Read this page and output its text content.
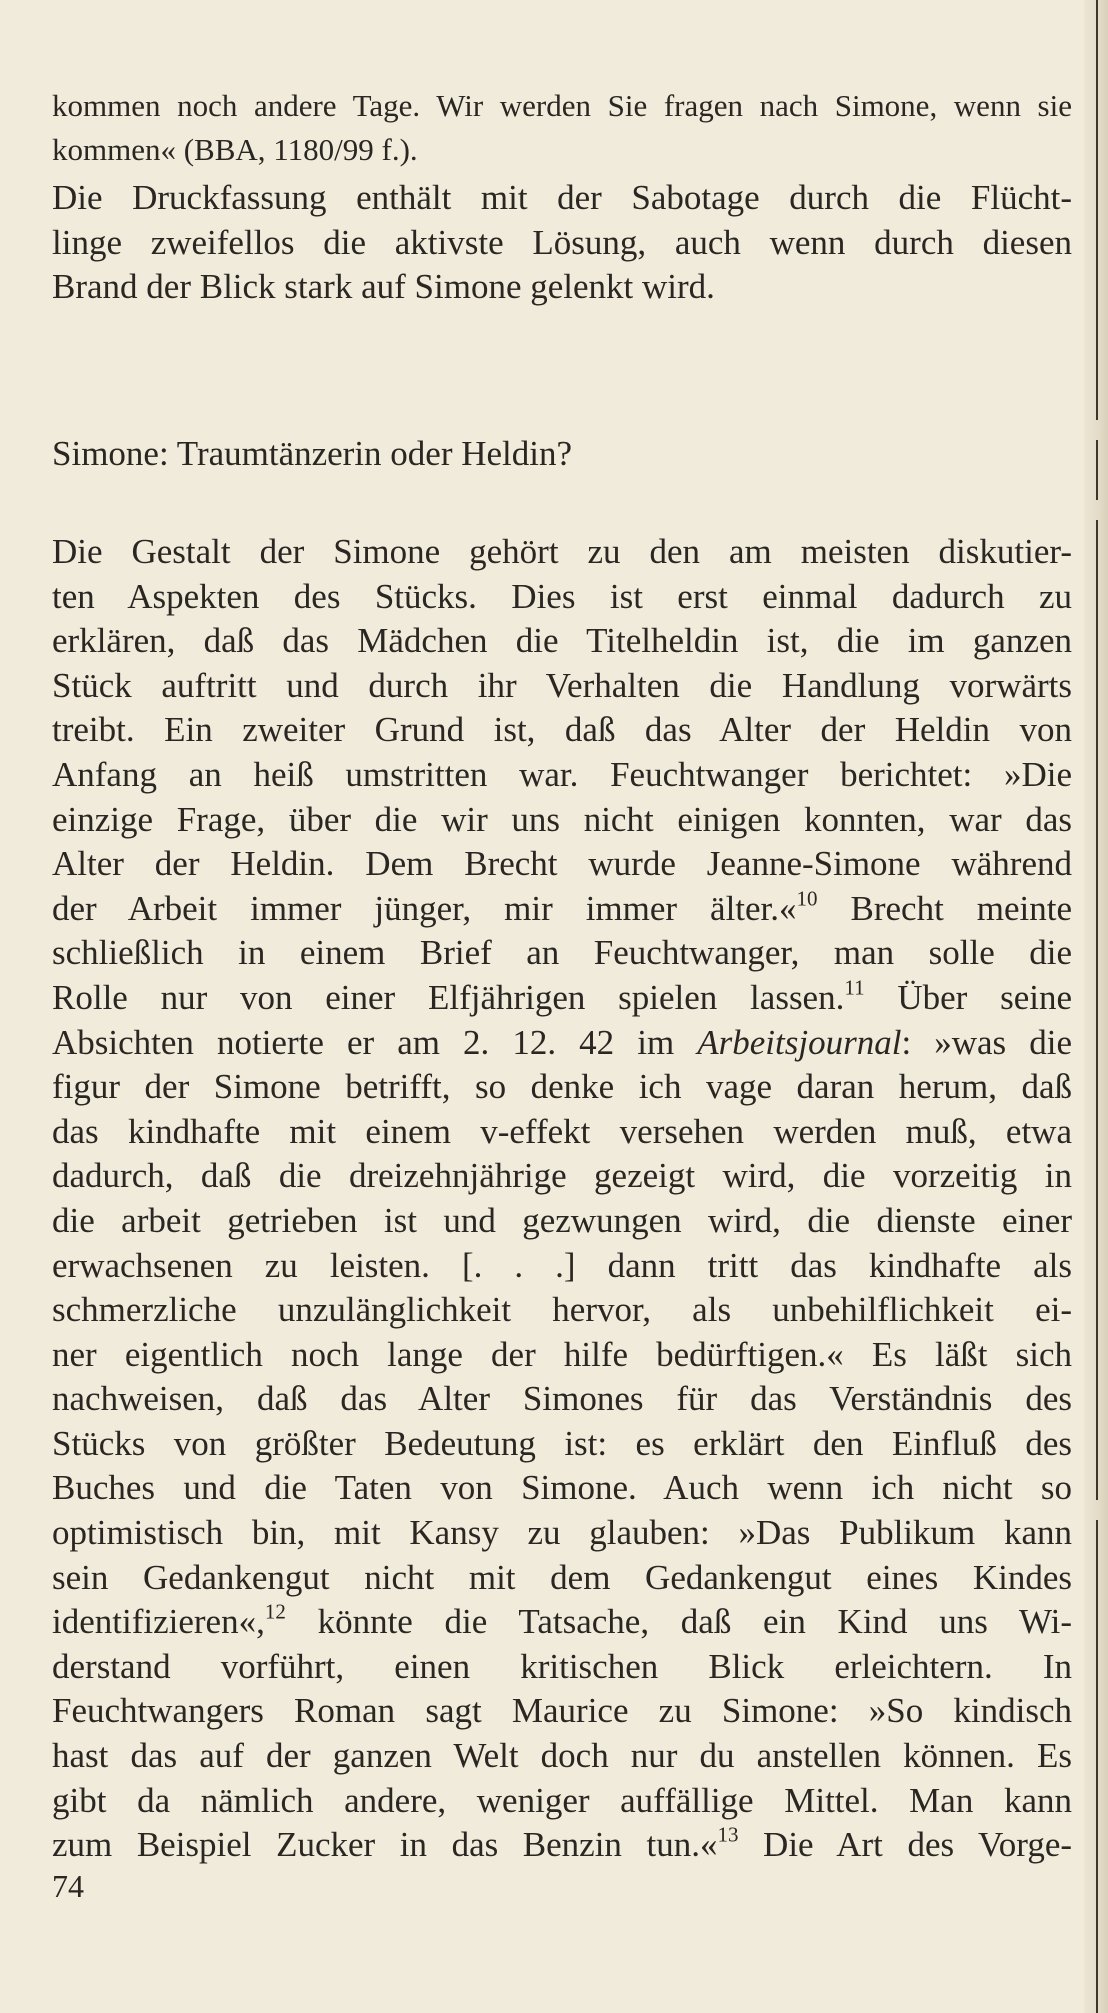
kommen noch andere Tage. Wir werden Sie fragen nach Simone, wenn sie
kommen« (BBA, 1180/99 f.).
Die Druckfassung enthält mit der Sabotage durch die Flücht-
linge zweifellos die aktivste Lösung, auch wenn durch diesen
Brand der Blick stark auf Simone gelenkt wird.
Simone: Traumtänzerin oder Heldin?
Die Gestalt der Simone gehört zu den am meisten diskutier-
ten Aspekten des Stücks. Dies ist erst einmal dadurch zu
erklären, daß das Mädchen die Titelheldin ist, die im ganzen
Stück auftritt und durch ihr Verhalten die Handlung vorwärts
treibt. Ein zweiter Grund ist, daß das Alter der Heldin von
Anfang an heiß umstritten war. Feuchtwanger berichtet: »Die
einzige Frage, über die wir uns nicht einigen konnten, war das
Alter der Heldin. Dem Brecht wurde Jeanne-Simone während
der Arbeit immer jünger, mir immer älter.«$^{10}$ Brecht meinte
schließlich in einem Brief an Feuchtwanger, man solle die
Rolle nur von einer Elfjährigen spielen lassen.$^{11}$ Über seine
Absichten notierte er am 2. 12. 42 im Arbeitsjournal: »was die
figur der Simone betrifft, so denke ich vage daran herum, daß
das kindhafte mit einem v-effekt versehen werden muß, etwa
dadurch, daß die dreizehnjährige gezeigt wird, die vorzeitig in
die arbeit getrieben ist und gezwungen wird, die dienste einer
erwachsenen zu leisten. [. . .] dann tritt das kindhafte als
schmerzliche unzulänglichkeit hervor, als unbehilflichkeit ei-
ner eigentlich noch lange der hilfe bedürftigen.« Es läßt sich
nachweisen, daß das Alter Simones für das Verständnis des
Stücks von größter Bedeutung ist: es erklärt den Einfluß des
Buches und die Taten von Simone. Auch wenn ich nicht so
optimistisch bin, mit Kansy zu glauben: »Das Publikum kann
sein Gedankengut nicht mit dem Gedankengut eines Kindes
identifizieren«,$^{12}$ könnte die Tatsache, daß ein Kind uns Wi-
derstand vorführt, einen kritischen Blick erleichtern. In
Feuchtwangers Roman sagt Maurice zu Simone: »So kindisch
hast das auf der ganzen Welt doch nur du anstellen können. Es
gibt da nämlich andere, weniger auffällige Mittel. Man kann
zum Beispiel Zucker in das Benzin tun.«$^{13}$ Die Art des Vorge-
74
